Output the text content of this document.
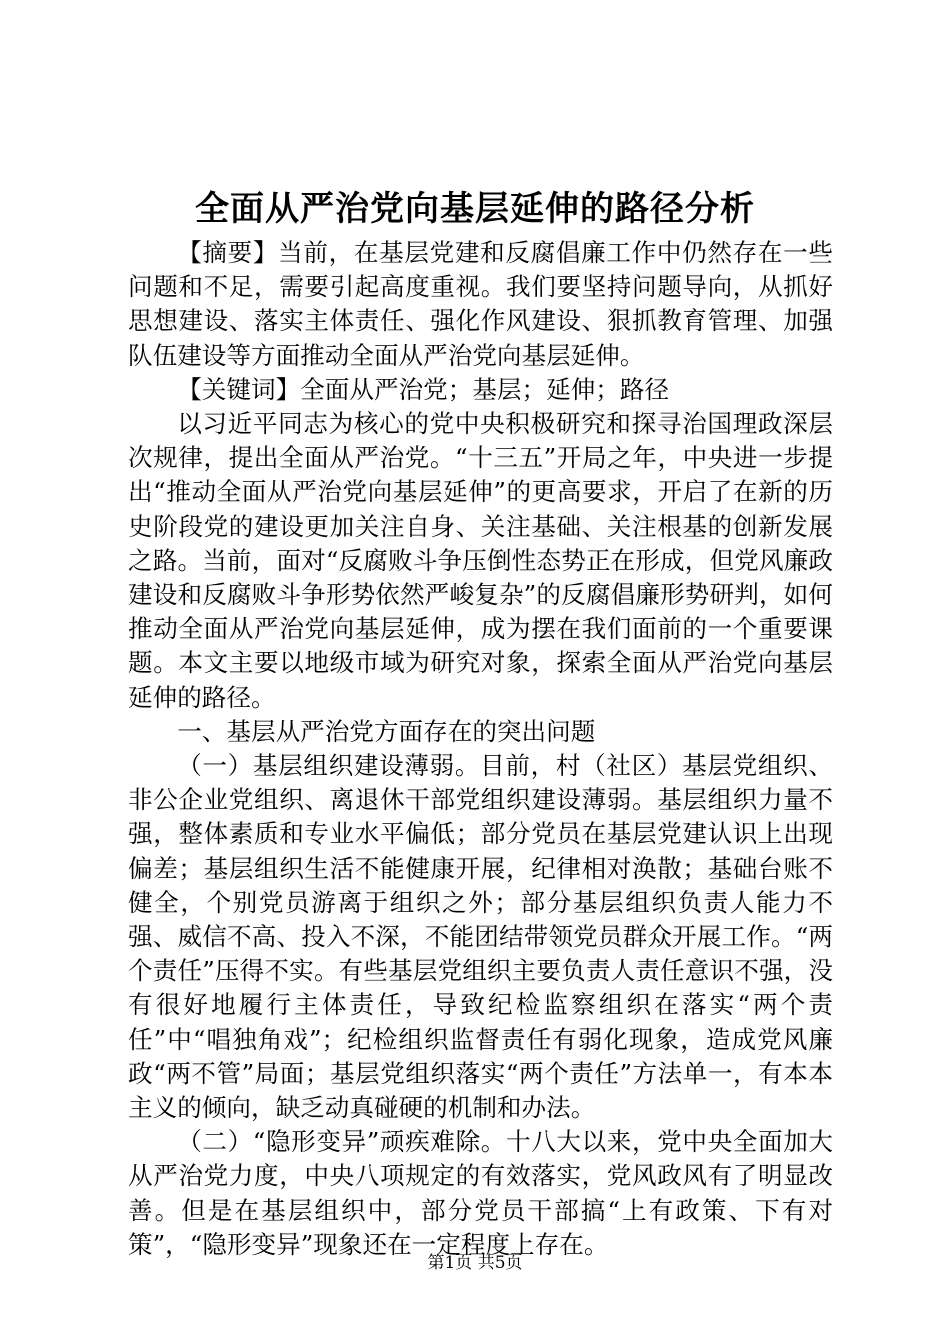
全面从严治党向基层延伸的路径分析

【摘要】当前，在基层党建和反腐倡廉工作中仍然存在一些问题和不足，需要引起高度重视。我们要坚持问题导向，从抓好思想建设、落实主体责任、强化作风建设、狠抓教育管理、加强队伍建设等方面推动全面从严治党向基层延伸。

【关键词】全面从严治党；基层；延伸；路径

以习近平同志为核心的党中央积极研究和探寻治国理政深层次规律，提出全面从严治党。“十三五”开局之年，中央进一步提出“推动全面从严治党向基层延伸”的更高要求，开启了在新的历史阶段党的建设更加关注自身、关注基础、关注根基的创新发展之路。当前，面对“反腐败斗争压倒性态势正在形成，但党风廉政建设和反腐败斗争形势依然严峻复杂”的反腐倡廉形势研判，如何推动全面从严治党向基层延伸，成为摆在我们面前的一个重要课题。本文主要以地级市域为研究对象，探索全面从严治党向基层延伸的路径。

一、基层从严治党方面存在的突出问题

（一）基层组织建设薄弱。目前，村（社区）基层党组织、非公企业党组织、离退休干部党组织建设薄弱。基层组织力量不强，整体素质和专业水平偏低；部分党员在基层党建认识上出现偏差；基层组织生活不能健康开展，纪律相对涣散；基础台账不健全，个别党员游离于组织之外；部分基层组织负责人能力不强、威信不高、投入不深，不能团结带领党员群众开展工作。“两个责任”压得不实。有些基层党组织主要负责人责任意识不强，没有很好地履行主体责任，导致纪检监察组织在落实“两个责任”中“唱独角戏”；纪检组织监督责任有弱化现象，造成党风廉政“两不管”局面；基层党组织落实“两个责任”方法单一，有本本主义的倾向，缺乏动真碰硬的机制和办法。

（二）“隐形变异”顽疾难除。十八大以来，党中央全面加大从严治党力度，中央八项规定的有效落实，党风政风有了明显改善。但是在基层组织中，部分党员干部搞“上有政策、下有对策”，“隐形变异”现象还在一定程度上存在。

第1页 共5页
